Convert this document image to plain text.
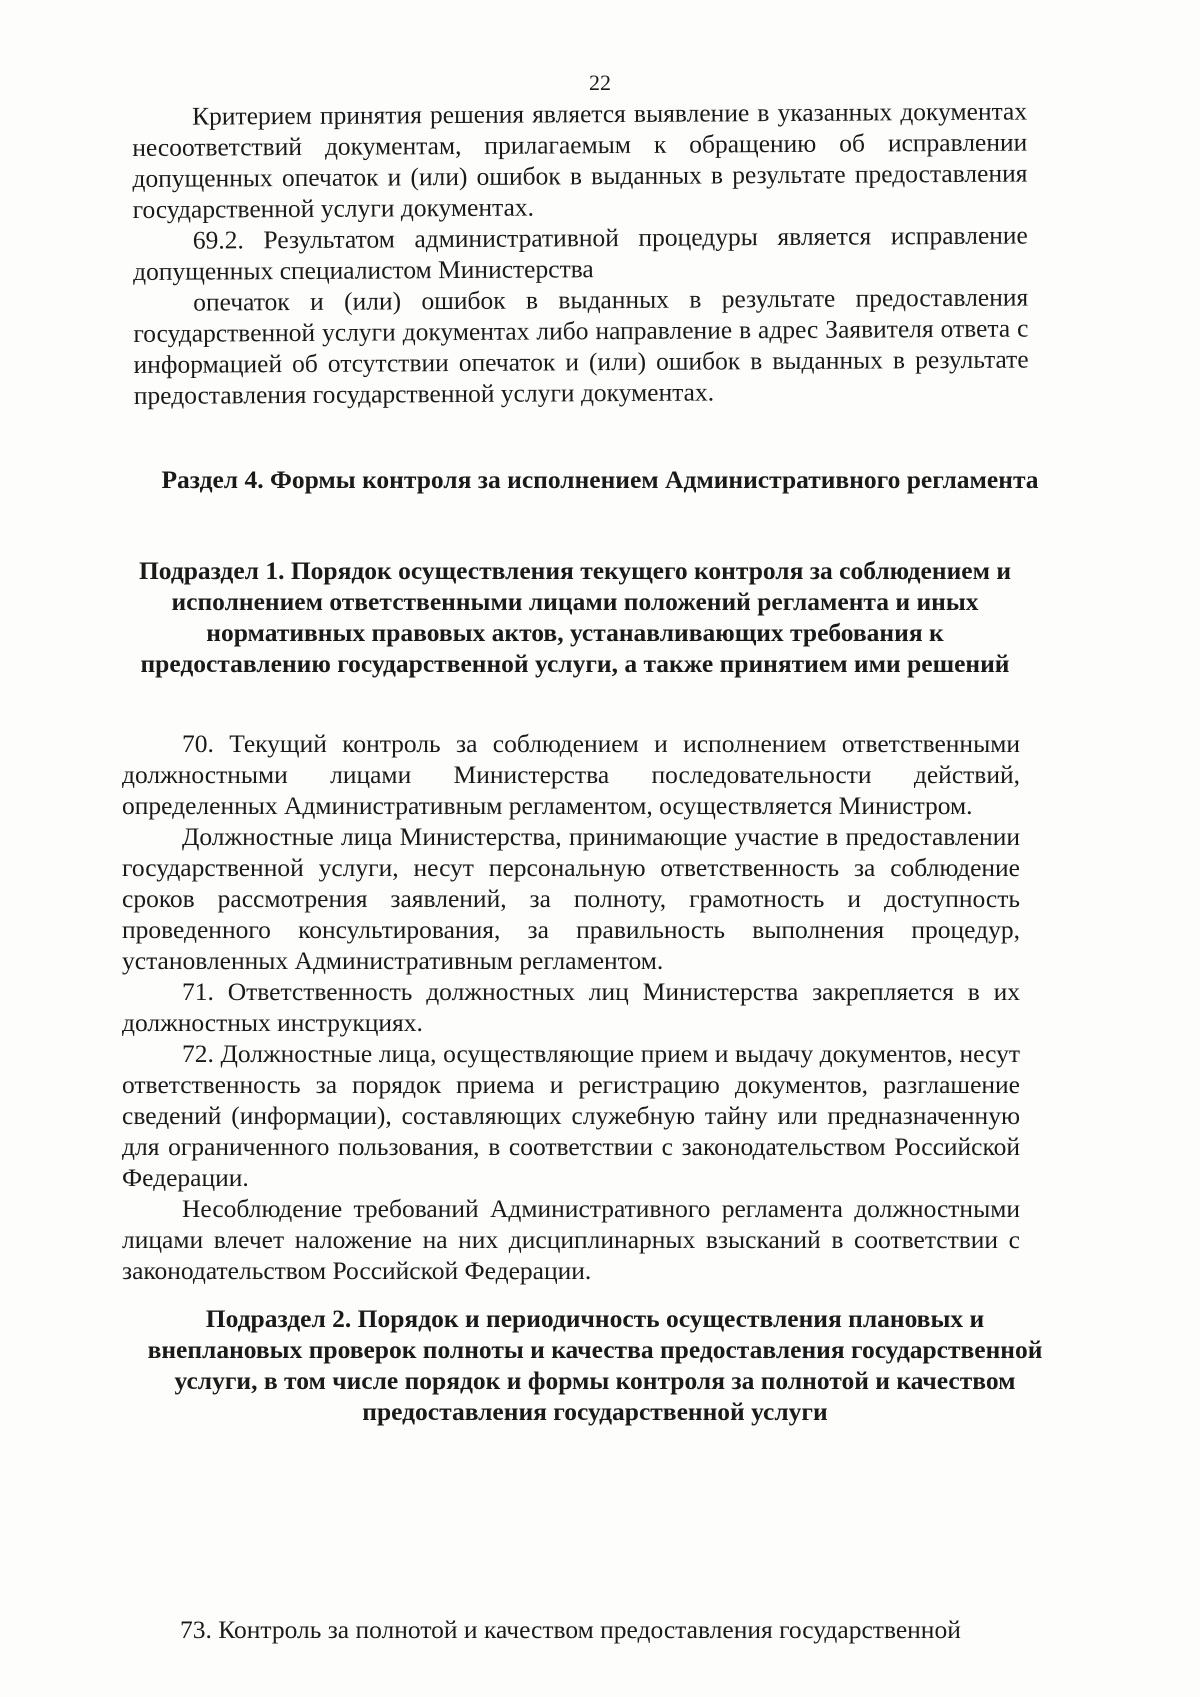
22

Критерием принятия решения является выявление в указанных документах несоответствий документам, прилагаемым к обращению об исправлении допущенных опечаток и (или) ошибок в выданных в результате предоставления государственной услуги документах.

69.2. Результатом административной процедуры является исправление допущенных специалистом Министерства

опечаток и (или) ошибок в выданных в результате предоставления государственной услуги документах либо направление в адрес Заявителя ответа с информацией об отсутствии опечаток и (или) ошибок в выданных в результате предоставления государственной услуги документах.

Раздел 4. Формы контроля за исполнением Административного регламента
Подраздел 1. Порядок осуществления текущего контроля за соблюдением и исполнением ответственными лицами положений регламента и иных нормативных правовых актов, устанавливающих требования к предоставлению государственной услуги, а также принятием ими решений

70. Текущий контроль за соблюдением и исполнением ответственными должностными лицами Министерства последовательности действий, определенных Административным регламентом, осуществляется Министром.

Должностные лица Министерства, принимающие участие в предоставлении государственной услуги, несут персональную ответственность за соблюдение сроков рассмотрения заявлений, за полноту, грамотность и доступность проведенного консультирования, за правильность выполнения процедур, установленных Административным регламентом.

71. Ответственность должностных лиц Министерства закрепляется в их должностных инструкциях.

72. Должностные лица, осуществляющие прием и выдачу документов, несут ответственность за порядок приема и регистрацию документов, разглашение сведений (информации), составляющих служебную тайну или предназначенную для ограниченного пользования, в соответствии с законодательством Российской Федерации.

Несоблюдение требований Административного регламента должностными лицами влечет наложение на них дисциплинарных взысканий в соответствии с законодательством Российской Федерации.

Подраздел 2. Порядок и периодичность осуществления плановых и внеплановых проверок полноты и качества предоставления государственной услуги, в том числе порядок и формы контроля за полнотой и качеством предоставления государственной услуги

73. Контроль за полнотой и качеством предоставления государственной
